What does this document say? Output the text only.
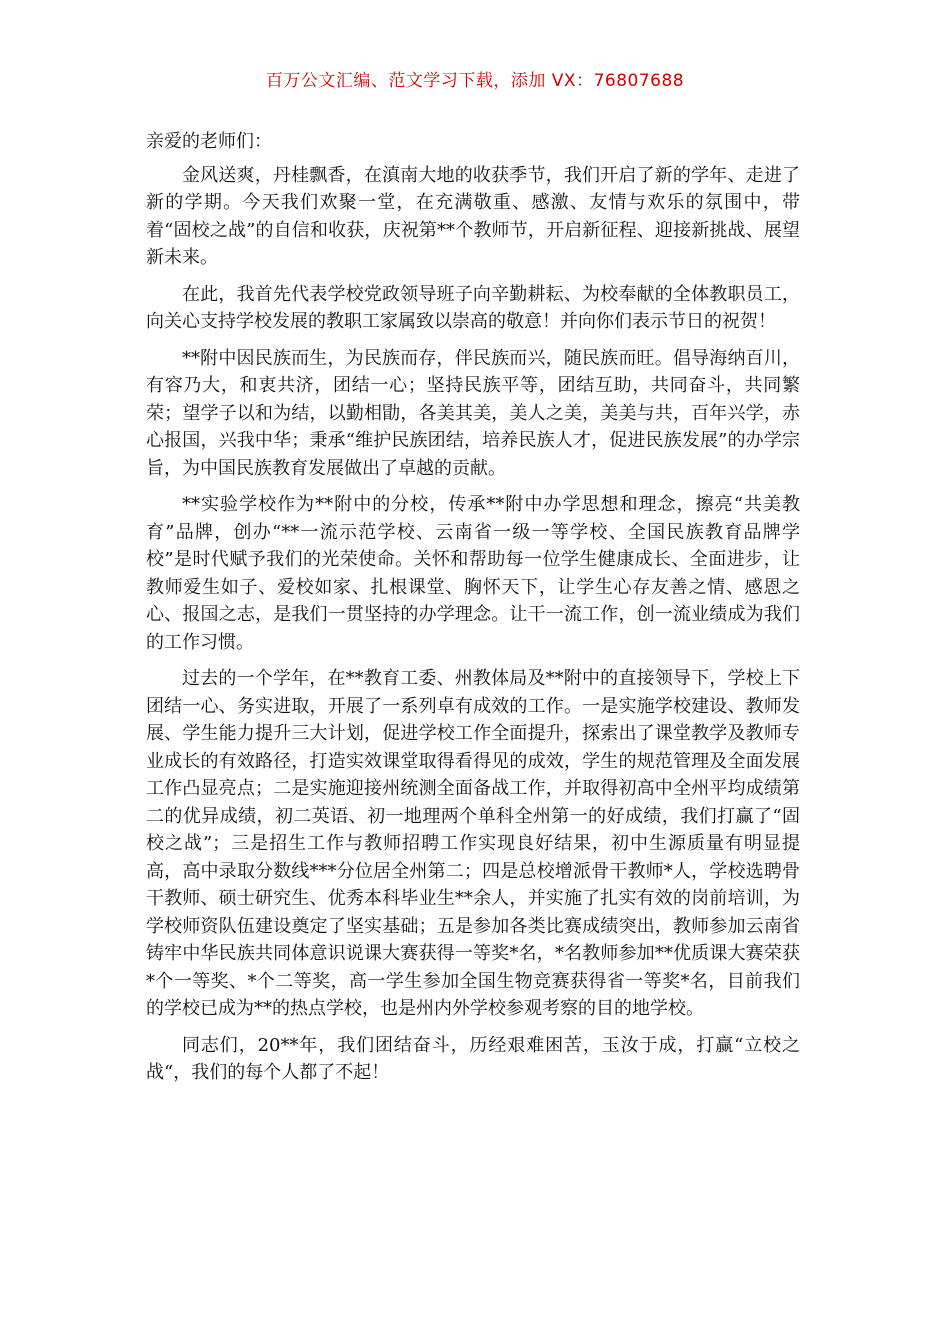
百万公文汇编、范文学习下载，添加 VX：76807688

亲爱的老师们：

金风送爽，丹桂飘香，在滇南大地的收获季节，我们开启了新的学年、走进了新的学期。今天我们欢聚一堂，在充满敬重、感激、友情与欢乐的氛围中，带着“固校之战”的自信和收获，庆祝第**个教师节，开启新征程、迎接新挑战、展望新未来。

在此，我首先代表学校党政领导班子向辛勤耕耘、为校奉献的全体教职员工，向关心支持学校发展的教职工家属致以崇高的敬意！并向你们表示节日的祝贺！

**附中因民族而生，为民族而存，伴民族而兴，随民族而旺。倡导海纳百川，有容乃大，和衷共济，团结一心；坚持民族平等，团结互助，共同奋斗，共同繁荣；望学子以和为结，以勤相勖，各美其美，美人之美，美美与共，百年兴学，赤心报国，兴我中华；秉承“维护民族团结，培养民族人才，促进民族发展”的办学宗旨，为中国民族教育发展做出了卓越的贡献。

**实验学校作为**附中的分校，传承**附中办学思想和理念，擦亮“共美教育”品牌，创办“**一流示范学校、云南省一级一等学校、全国民族教育品牌学校”是时代赋予我们的光荣使命。关怀和帮助每一位学生健康成长、全面进步，让教师爱生如子、爱校如家、扎根课堂、胸怀天下，让学生心存友善之情、感恩之心、报国之志，是我们一贯坚持的办学理念。让干一流工作，创一流业绩成为我们的工作习惯。

过去的一个学年，在**教育工委、州教体局及**附中的直接领导下，学校上下团结一心、务实进取，开展了一系列卓有成效的工作。一是实施学校建设、教师发展、学生能力提升三大计划，促进学校工作全面提升，探索出了课堂教学及教师专业成长的有效路径，打造实效课堂取得看得见的成效，学生的规范管理及全面发展工作凸显亮点；二是实施迎接州统测全面备战工作，并取得初高中全州平均成绩第二的优异成绩，初二英语、初一地理两个单科全州第一的好成绩，我们打赢了“固校之战”；三是招生工作与教师招聘工作实现良好结果，初中生源质量有明显提高，高中录取分数线***分位居全州第二；四是总校增派骨干教师*人，学校选聘骨干教师、硕士研究生、优秀本科毕业生**余人，并实施了扎实有效的岗前培训，为学校师资队伍建设奠定了坚实基础；五是参加各类比赛成绩突出，教师参加云南省铸牢中华民族共同体意识说课大赛获得一等奖*名，*名教师参加**优质课大赛荣获*个一等奖、*个二等奖，高一学生参加全国生物竞赛获得省一等奖*名，目前我们的学校已成为**的热点学校，也是州内外学校参观考察的目的地学校。

同志们，20**年，我们团结奋斗，历经艰难困苦，玉汝于成，打赢“立校之战“，我们的每个人都了不起！
